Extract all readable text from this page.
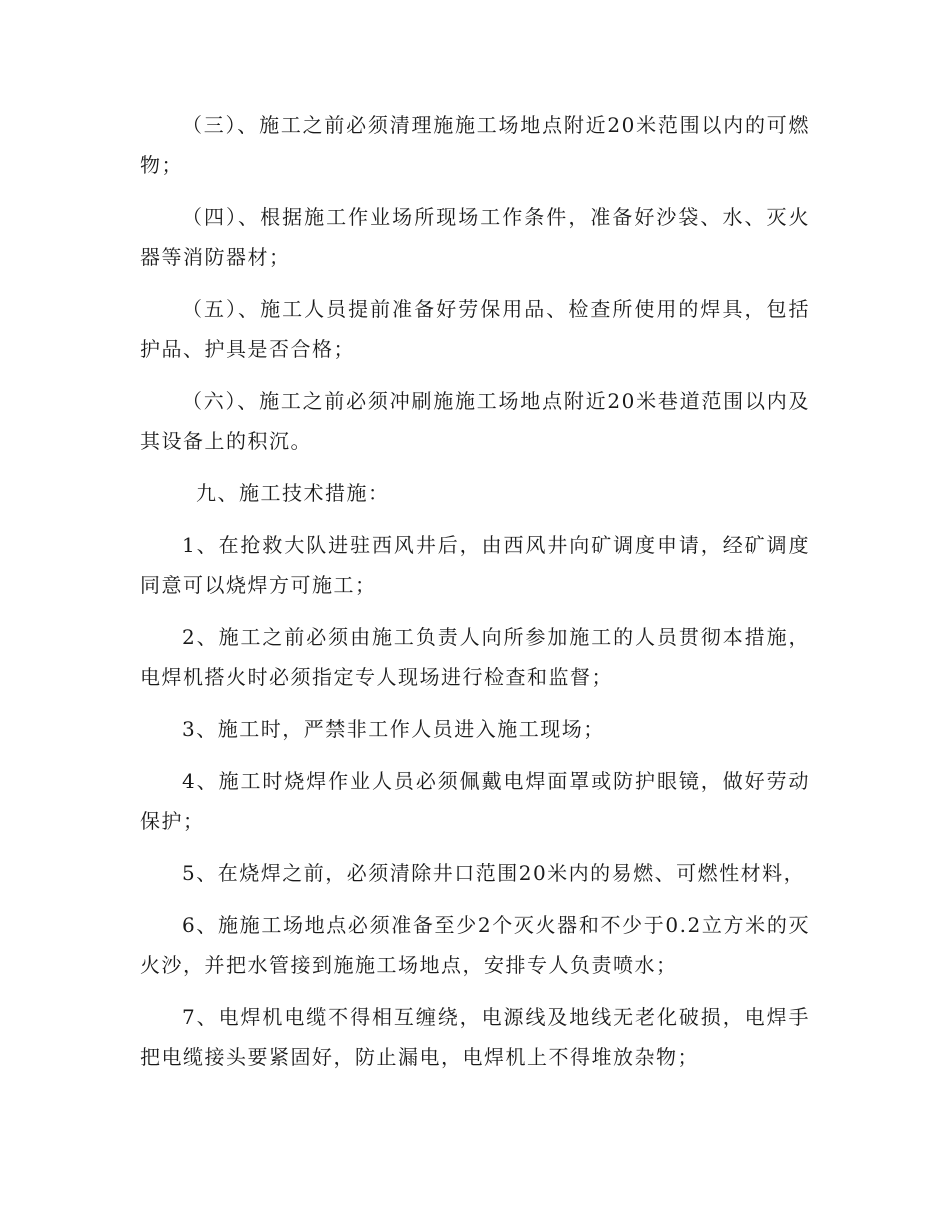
（三）、施工之前必须清理施施工场地点附近20米范围以内的可燃物；

（四）、根据施工作业场所现场工作条件，准备好沙袋、水、灭火器等消防器材；

（五）、施工人员提前准备好劳保用品、检查所使用的焊具，包括护品、护具是否合格；

（六）、施工之前必须冲刷施施工场地点附近20米巷道范围以内及其设备上的积沉。

九、施工技术措施：

1、在抢救大队进驻西风井后，由西风井向矿调度申请，经矿调度同意可以烧焊方可施工；

2、施工之前必须由施工负责人向所参加施工的人员贯彻本措施，电焊机搭火时必须指定专人现场进行检查和监督；

3、施工时，严禁非工作人员进入施工现场；

4、施工时烧焊作业人员必须佩戴电焊面罩或防护眼镜，做好劳动保护；

5、在烧焊之前，必须清除井口范围20米内的易燃、可燃性材料，

6、施施工场地点必须准备至少2个灭火器和不少于0.2立方米的灭火沙，并把水管接到施施工场地点，安排专人负责喷水；

7、电焊机电缆不得相互缠绕，电源线及地线无老化破损，电焊手把电缆接头要紧固好，防止漏电，电焊机上不得堆放杂物；
